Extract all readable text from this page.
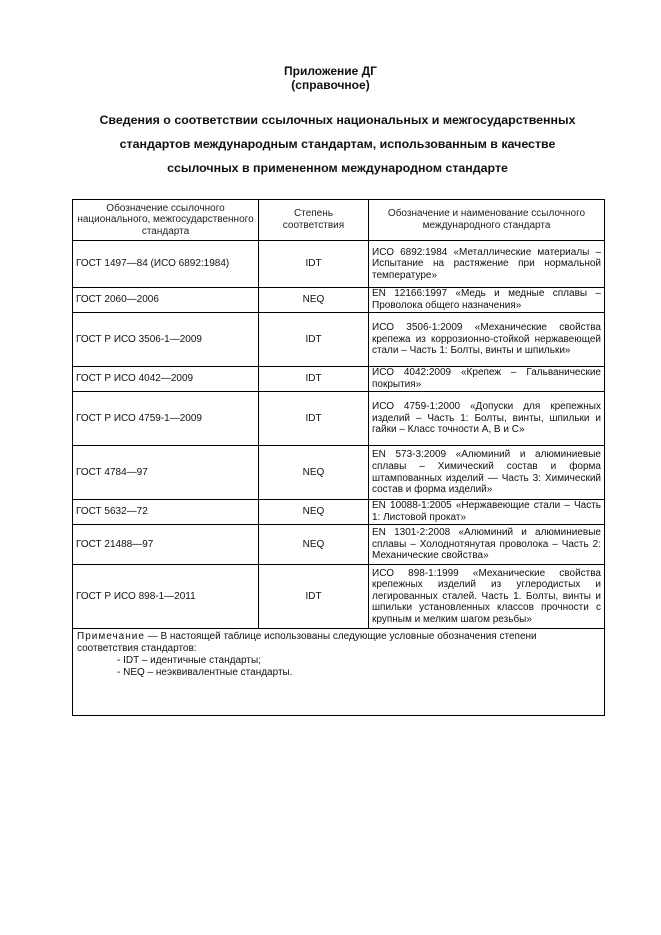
Приложение ДГ
(справочное)
Сведения о соответствии ссылочных национальных и межгосударственных
стандартов международным стандартам, использованным в качестве
ссылочных в примененном международном стандарте
Обозначение ссылочного национального, межгосударственного стандарта	Степень соответствия	Обозначение и наименование ссылочного международного стандарта
ГОСТ 1497—84 (ИСО 6892:1984)	IDT	ИСО 6892:1984 «Металлические материалы – Испытание на растяжение при нормальной температуре»
ГОСТ 2060—2006	NEQ	EN 12166:1997 «Медь и медные сплавы – Проволока общего назначения»
ГОСТ Р ИСО 3506-1—2009	IDT	ИСО 3506-1:2009 «Механические свойства крепежа из коррозионно-стойкой нержавеющей стали – Часть 1: Болты, винты и шпильки»
ГОСТ Р ИСО 4042—2009	IDT	ИСО 4042:2009 «Крепеж – Гальванические покрытия»
ГОСТ Р ИСО 4759-1—2009	IDT	ИСО 4759-1:2000 «Допуски для крепежных изделий – Часть 1: Болты, винты, шпильки и гайки – Класс точности А, В и С»
ГОСТ 4784—97	NEQ	EN 573-3:2009 «Алюминий и алюминиевые сплавы – Химический состав и форма штампованных изделий — Часть 3: Химический состав и форма изделий»
ГОСТ 5632—72	NEQ	EN 10088-1:2005 «Нержавеющие стали – Часть 1: Листовой прокат»
ГОСТ 21488—97	NEQ	EN 1301-2:2008 «Алюминий и алюминиевые сплавы – Холоднотянутая проволока – Часть 2: Механические свойства»
ГОСТ Р ИСО 898-1—2011	IDT	ИСО 898-1:1999 «Механические свойства крепежных изделий из углеродистых и легированных сталей. Часть 1. Болты, винты и шпильки установленных классов прочности с крупным и мелким шагом резьбы»

Примечание — В настоящей таблице использованы следующие условные обозначения степени соответствия стандартов:
- IDT – идентичные стандарты;
- NEQ – неэквивалентные стандарты.		
